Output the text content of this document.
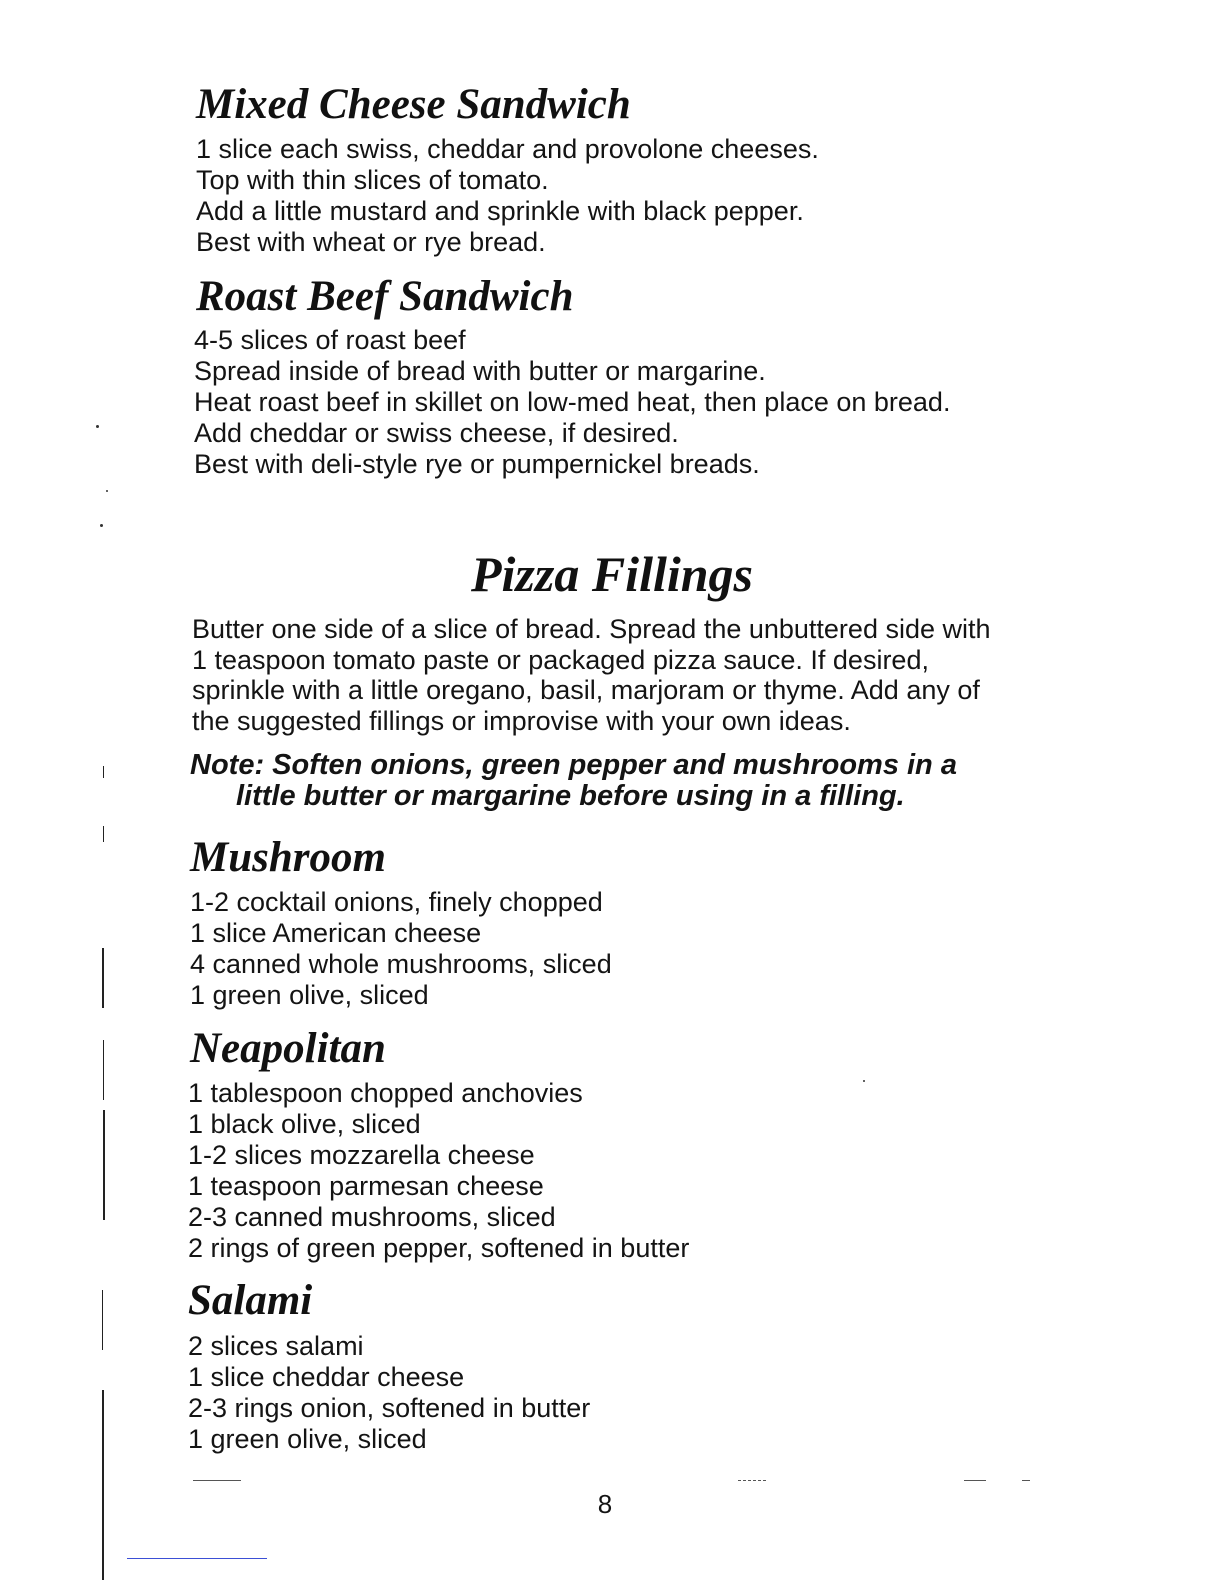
Mixed Cheese Sandwich
1 slice each swiss, cheddar and provolone cheeses.
Top with thin slices of tomato.
Add a little mustard and sprinkle with black pepper.
Best with wheat or rye bread.
Roast Beef Sandwich
4-5 slices of roast beef
Spread inside of bread with butter or margarine.
Heat roast beef in skillet on low-med heat, then place on bread.
Add cheddar or swiss cheese, if desired.
Best with deli-style rye or pumpernickel breads.
Pizza Fillings

Butter one side of a slice of bread. Spread the unbuttered side with
1 teaspoon tomato paste or packaged pizza sauce. If desired,
sprinkle with a little oregano, basil, marjoram or thyme. Add any of
the suggested fillings or improvise with your own ideas.

Note: Soften onions, green pepper and mushrooms in a
little butter or margarine before using in a filling.

Mushroom
1-2 cocktail onions, finely chopped
1 slice American cheese
4 canned whole mushrooms, sliced
1 green olive, sliced
Neapolitan
1 tablespoon chopped anchovies
1 black olive, sliced
1-2 slices mozzarella cheese
1 teaspoon parmesan cheese
2-3 canned mushrooms, sliced
2 rings of green pepper, softened in butter
Salami
2 slices salami
1 slice cheddar cheese
2-3 rings onion, softened in butter
1 green olive, sliced
8
